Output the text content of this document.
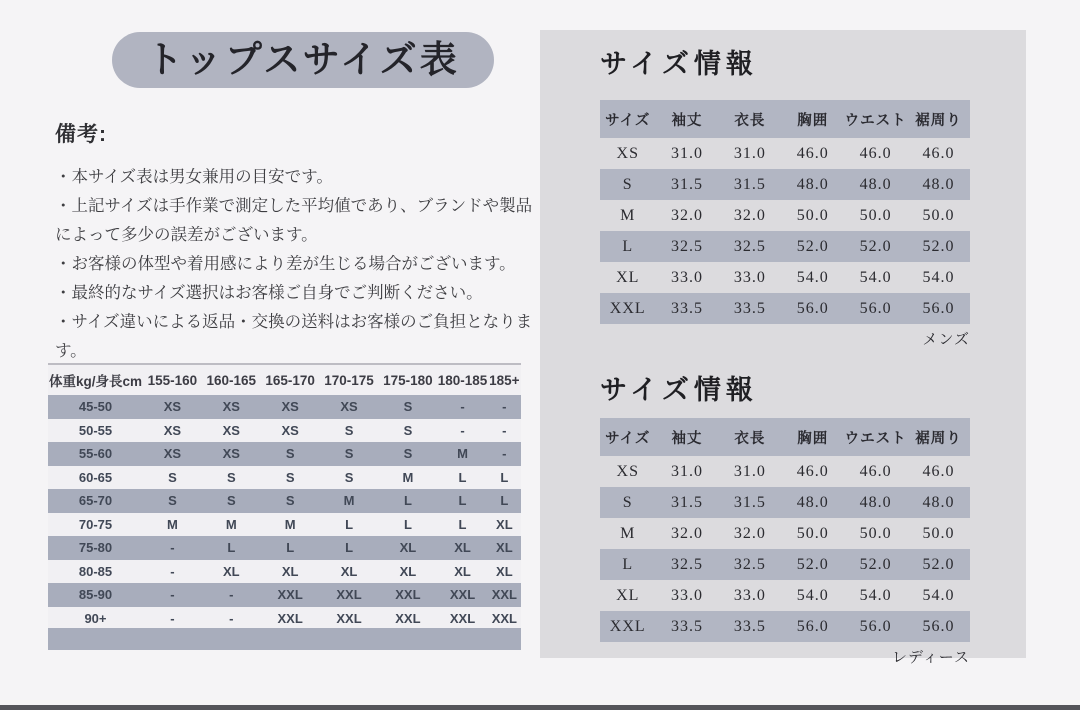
トップスサイズ表
備考:

・本サイズ表は男女兼用の目安です。

・上記サイズは手作業で測定した平均値であり、ブランドや製品によって多少の誤差がございます。

・お客様の体型や着用感により差が生じる場合がございます。

・最終的なサイズ選択はお客様ご自身でご判断ください。

・サイズ違いによる返品・交換の送料はお客様のご負担となります。

体重kg/身長cm	155-160	160-165	165-170	170-175	175-180	180-185	185+
45-50	XS	XS	XS	XS	S	-	-
50-55	XS	XS	XS	S	S	-	-
55-60	XS	XS	S	S	S	M	-
60-65	S	S	S	S	M	L	L
65-70	S	S	S	M	L	L	L
70-75	M	M	M	L	L	L	XL
75-80	-	L	L	L	XL	XL	XL
80-85	-	XL	XL	XL	XL	XL	XL
85-90	-	-	XXL	XXL	XXL	XXL	XXL
90+	-	-	XXL	XXL	XXL	XXL	XXL
サイズ情報
サイズ	袖丈	衣長	胸囲	ウエスト	裾周り
XS	31.0	31.0	46.0	46.0	46.0
S	31.5	31.5	48.0	48.0	48.0
M	32.0	32.0	50.0	50.0	50.0
L	32.5	32.5	52.0	52.0	52.0
XL	33.0	33.0	54.0	54.0	54.0
XXL	33.5	33.5	56.0	56.0	56.0
メンズ
サイズ情報
サイズ	袖丈	衣長	胸囲	ウエスト	裾周り
XS	31.0	31.0	46.0	46.0	46.0
S	31.5	31.5	48.0	48.0	48.0
M	32.0	32.0	50.0	50.0	50.0
L	32.5	32.5	52.0	52.0	52.0
XL	33.0	33.0	54.0	54.0	54.0
XXL	33.5	33.5	56.0	56.0	56.0
レディース
